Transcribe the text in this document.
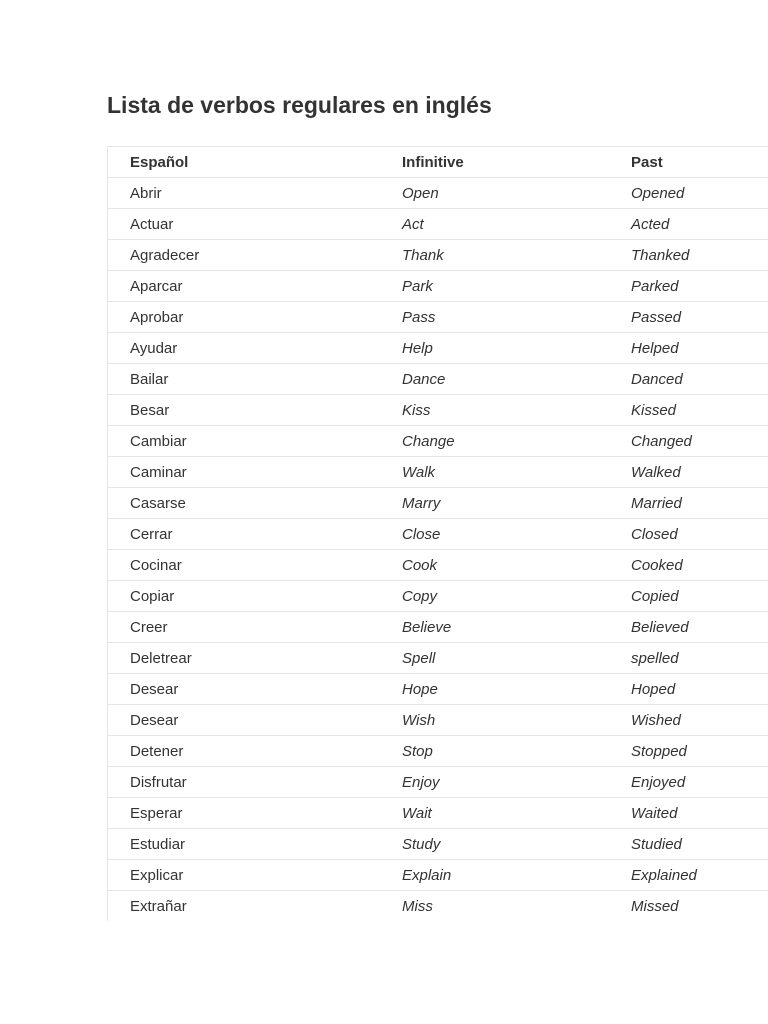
Lista de verbos regulares en inglés
Español	Infinitive	Past
Abrir	Open	Opened
Actuar	Act	Acted
Agradecer	Thank	Thanked
Aparcar	Park	Parked
Aprobar	Pass	Passed
Ayudar	Help	Helped
Bailar	Dance	Danced
Besar	Kiss	Kissed
Cambiar	Change	Changed
Caminar	Walk	Walked
Casarse	Marry	Married
Cerrar	Close	Closed
Cocinar	Cook	Cooked
Copiar	Copy	Copied
Creer	Believe	Believed
Deletrear	Spell	spelled
Desear	Hope	Hoped
Desear	Wish	Wished
Detener	Stop	Stopped
Disfrutar	Enjoy	Enjoyed
Esperar	Wait	Waited
Estudiar	Study	Studied
Explicar	Explain	Explained
Extrañar	Miss	Missed
